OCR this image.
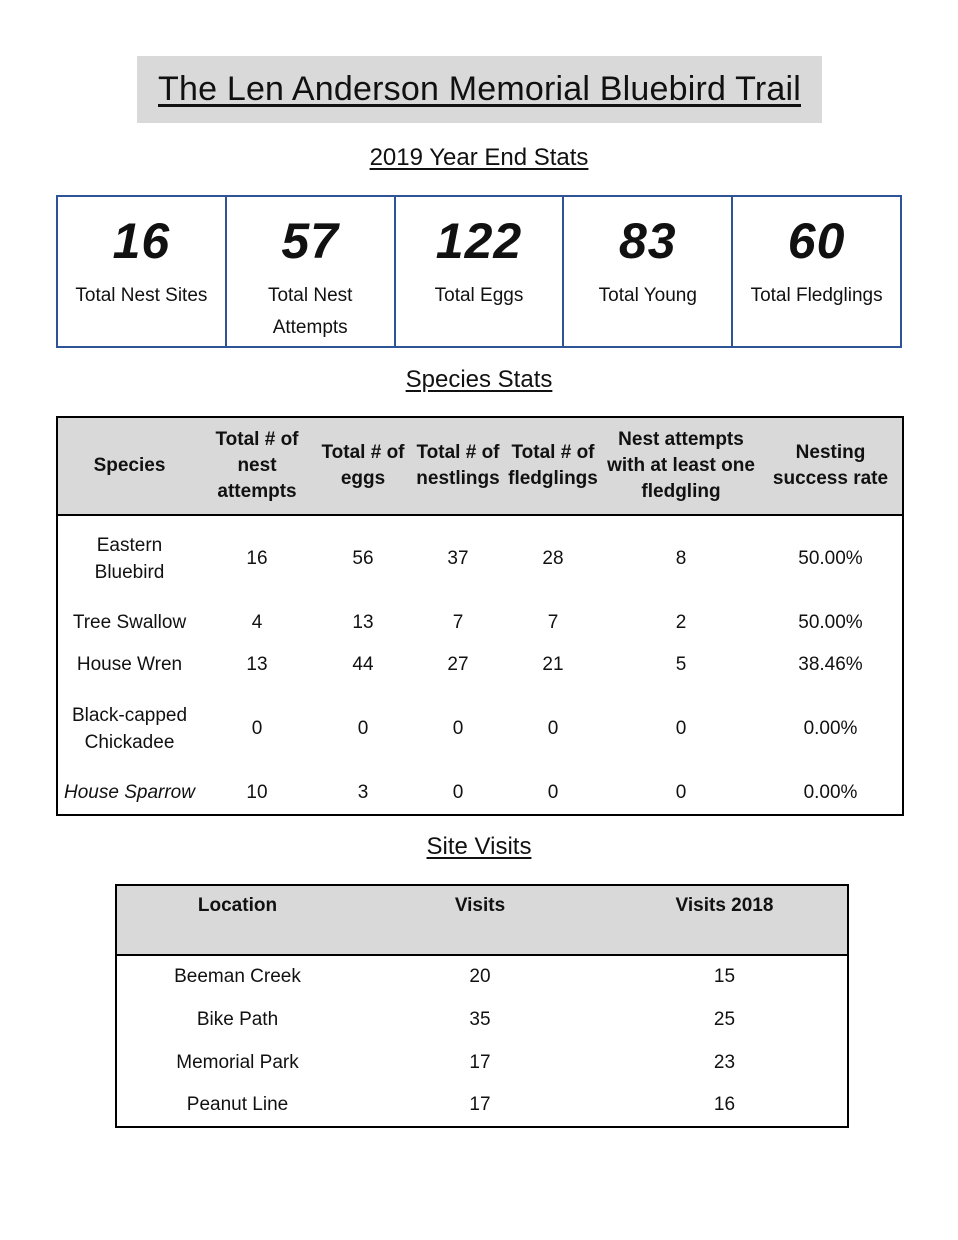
The Len Anderson Memorial Bluebird Trail
2019 Year End Stats
16
Total Nest Sites
57
Total Nest Attempts
122
Total Eggs
83
Total Young
60
Total Fledglings
Species Stats
Species	Total # of nest attempts	Total # of eggs	Total # of nestlings	Total # of fledglings	Nest attempts with at least one fledgling	Nesting success rate
Eastern Bluebird	16	56	37	28	8	50.00%
Tree Swallow	4	13	7	7	2	50.00%
House Wren	13	44	27	21	5	38.46%
Black-capped Chickadee	0	0	0	0	0	0.00%
House Sparrow	10	3	0	0	0	0.00%
Site Visits
Location	Visits	Visits 2018
Beeman Creek	20	15
Bike Path	35	25
Memorial Park	17	23
Peanut Line	17	16
